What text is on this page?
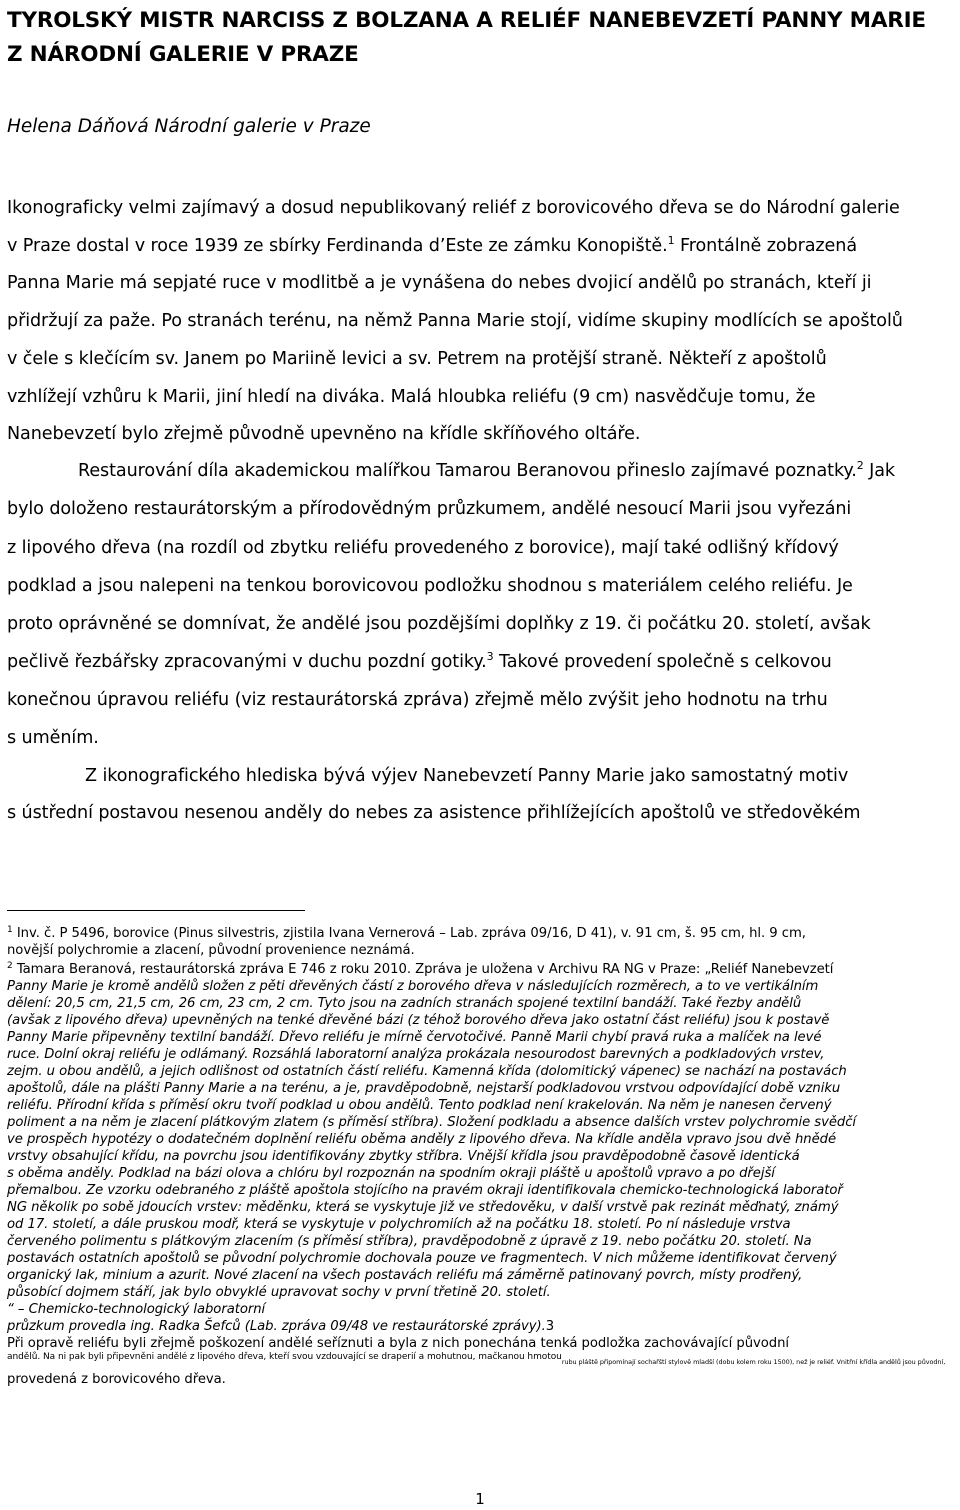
TYROLSKÝ MISTR NARCISS Z BOLZANA A RELIÉF NANEBEVZETÍ PANNY MARIE
Z NÁRODNÍ GALERIE V PRAZE

Helena Dáňová Národní galerie v Praze

Ikonograficky velmi zajímavý a dosud nepublikovaný reliéf z borovicového dřeva se do Národní galerie

v Praze dostal v roce 1939 ze sbírky Ferdinanda d’Este ze zámku Konopiště.$^1$ Frontálně zobrazená

Panna Marie má sepjaté ruce v modlitbě a je vynášena do nebes dvojicí andělů po stranách, kteří ji

přidržují za paže. Po stranách terénu, na němž Panna Marie stojí, vidíme skupiny modlících se apoštolů

v čele s klečícím sv. Janem po Mariině levici a sv. Petrem na protější straně. Někteří z apoštolů

vzhlížejí vzhůru k Marii, jiní hledí na diváka. Malá hloubka reliéfu (9 cm) nasvědčuje tomu, že

Nanebevzetí bylo zřejmě původně upevněno na křídle skříňového oltáře.

Restaurování díla akademickou malířkou Tamarou Beranovou přineslo zajímavé poznatky.$^2$ Jak

bylo doloženo restaurátorským a přírodovědným průzkumem, andělé nesoucí Marii jsou vyřezáni

z lipového dřeva (na rozdíl od zbytku reliéfu provedeného z borovice), mají také odlišný křídový

podklad a jsou nalepeni na tenkou borovicovou podložku shodnou s materiálem celého reliéfu. Je

proto oprávněné se domnívat, že andělé jsou pozdějšími doplňky z 19. či počátku 20. století, avšak

pečlivě řezbářsky zpracovanými v duchu pozdní gotiky.$^3$ Takové provedení společně s celkovou

konečnou úpravou reliéfu (viz restaurátorská zpráva) zřejmě mělo zvýšit jeho hodnotu na trhu

s uměním.

Z ikonografického hlediska bývá výjev Nanebevzetí Panny Marie jako samostatný motiv

s ústřední postavou nesenou anděly do nebes za asistence přihlížejících apoštolů ve středověkém

$^1$ Inv. č. P 5496, borovice (Pinus silvestris, zjistila Ivana Vernerová – Lab. zpráva 09/16, D 41), v. 91 cm, š. 95 cm, hl. 9 cm,

novější polychromie a zlacení, původní provenience neznámá.

$^2$ Tamara Beranová, restaurátorská zpráva E 746 z roku 2010. Zpráva je uložena v Archivu RA NG v Praze: „Reliéf Nanebevzetí

Panny Marie je kromě andělů složen z pěti dřevěných částí z borového dřeva v následujících rozměrech, a to ve vertikálním

dělení: 20,5 cm, 21,5 cm, 26 cm, 23 cm, 2 cm. Tyto jsou na zadních stranách spojené textilní bandáží. Také řezby andělů

(avšak z lipového dřeva) upevněných na tenké dřevěné bázi (z téhož borového dřeva jako ostatní část reliéfu) jsou k postavě

Panny Marie připevněny textilní bandáží. Dřevo reliéfu je mírně červotočivé. Panně Marii chybí pravá ruka a malíček na levé

ruce. Dolní okraj reliéfu je odlámaný. Rozsáhlá laboratorní analýza prokázala nesourodost barevných a podkladových vrstev,

zejm. u obou andělů, a jejich odlišnost od ostatních částí reliéfu. Kamenná křída (dolomitický vápenec) se nachází na postavách

apoštolů, dále na plášti Panny Marie a na terénu, a je, pravděpodobně, nejstarší podkladovou vrstvou odpovídající době vzniku

reliéfu. Přírodní křída s příměsí okru tvoří podklad u obou andělů. Tento podklad není krakelován. Na něm je nanesen červený

poliment a na něm je zlacení plátkovým zlatem (s příměsí stříbra). Složení podkladu a absence dalších vrstev polychromie svědčí

ve prospěch hypotézy o dodatečném doplnění reliéfu oběma anděly z lipového dřeva. Na křídle anděla vpravo jsou dvě hnědé

vrstvy obsahující křídu, na povrchu jsou identifikovány zbytky stříbra. Vnější křídla jsou pravděpodobně časově identická

s oběma anděly. Podklad na bázi olova a chlóru byl rozpoznán na spodním okraji pláště u apoštolů vpravo a po dřejší

přemalbou. Ze vzorku odebraného z pláště apoštola stojícího na pravém okraji identifikovala chemicko-technologická laboratoř

NG několik po sobě jdoucích vrstev: měděnku, která se vyskytuje již ve středověku, v další vrstvě pak rezinát měďnatý, známý

od 17. století, a dále pruskou modř, která se vyskytuje v polychromiích až na počátku 18. století. Po ní následuje vrstva

červeného polimentu s plátkovým zlacením (s příměsí stříbra), pravděpodobně z úpravě z 19. nebo počátku 20. století. Na

postavách ostatních apoštolů se původní polychromie dochovala pouze ve fragmentech. V nich můžeme identifikovat červený

organický lak, minium a azurit. Nové zlacení na všech postavách reliéfu má záměrně patinovaný povrch, místy prodřený,

působící dojmem stáří, jak bylo obvyklé upravovat sochy v první třetině 20. století.

“ – Chemicko-technologický laboratorní

průzkum provedla ing. Radka Šefců (Lab. zpráva 09/48 ve restaurátorské zprávy).3

Při opravě reliéfu byli zřejmě poškození andělé seříznuti a byla z nich ponechána tenká podložka zachovávající původní

$^{andělů. Na ni pak byli připevněni andělé z lipového dřeva, kteří svou vzdouvající se draperií a mohutnou, mačkanou hmotou}$rubu pláště připomínají sochařští stylově mladší (dobu kolem roku 1500), než je reliéf. Vnitřní křídla andělů jsou původní,

provedená z borovicového dřeva.

1
